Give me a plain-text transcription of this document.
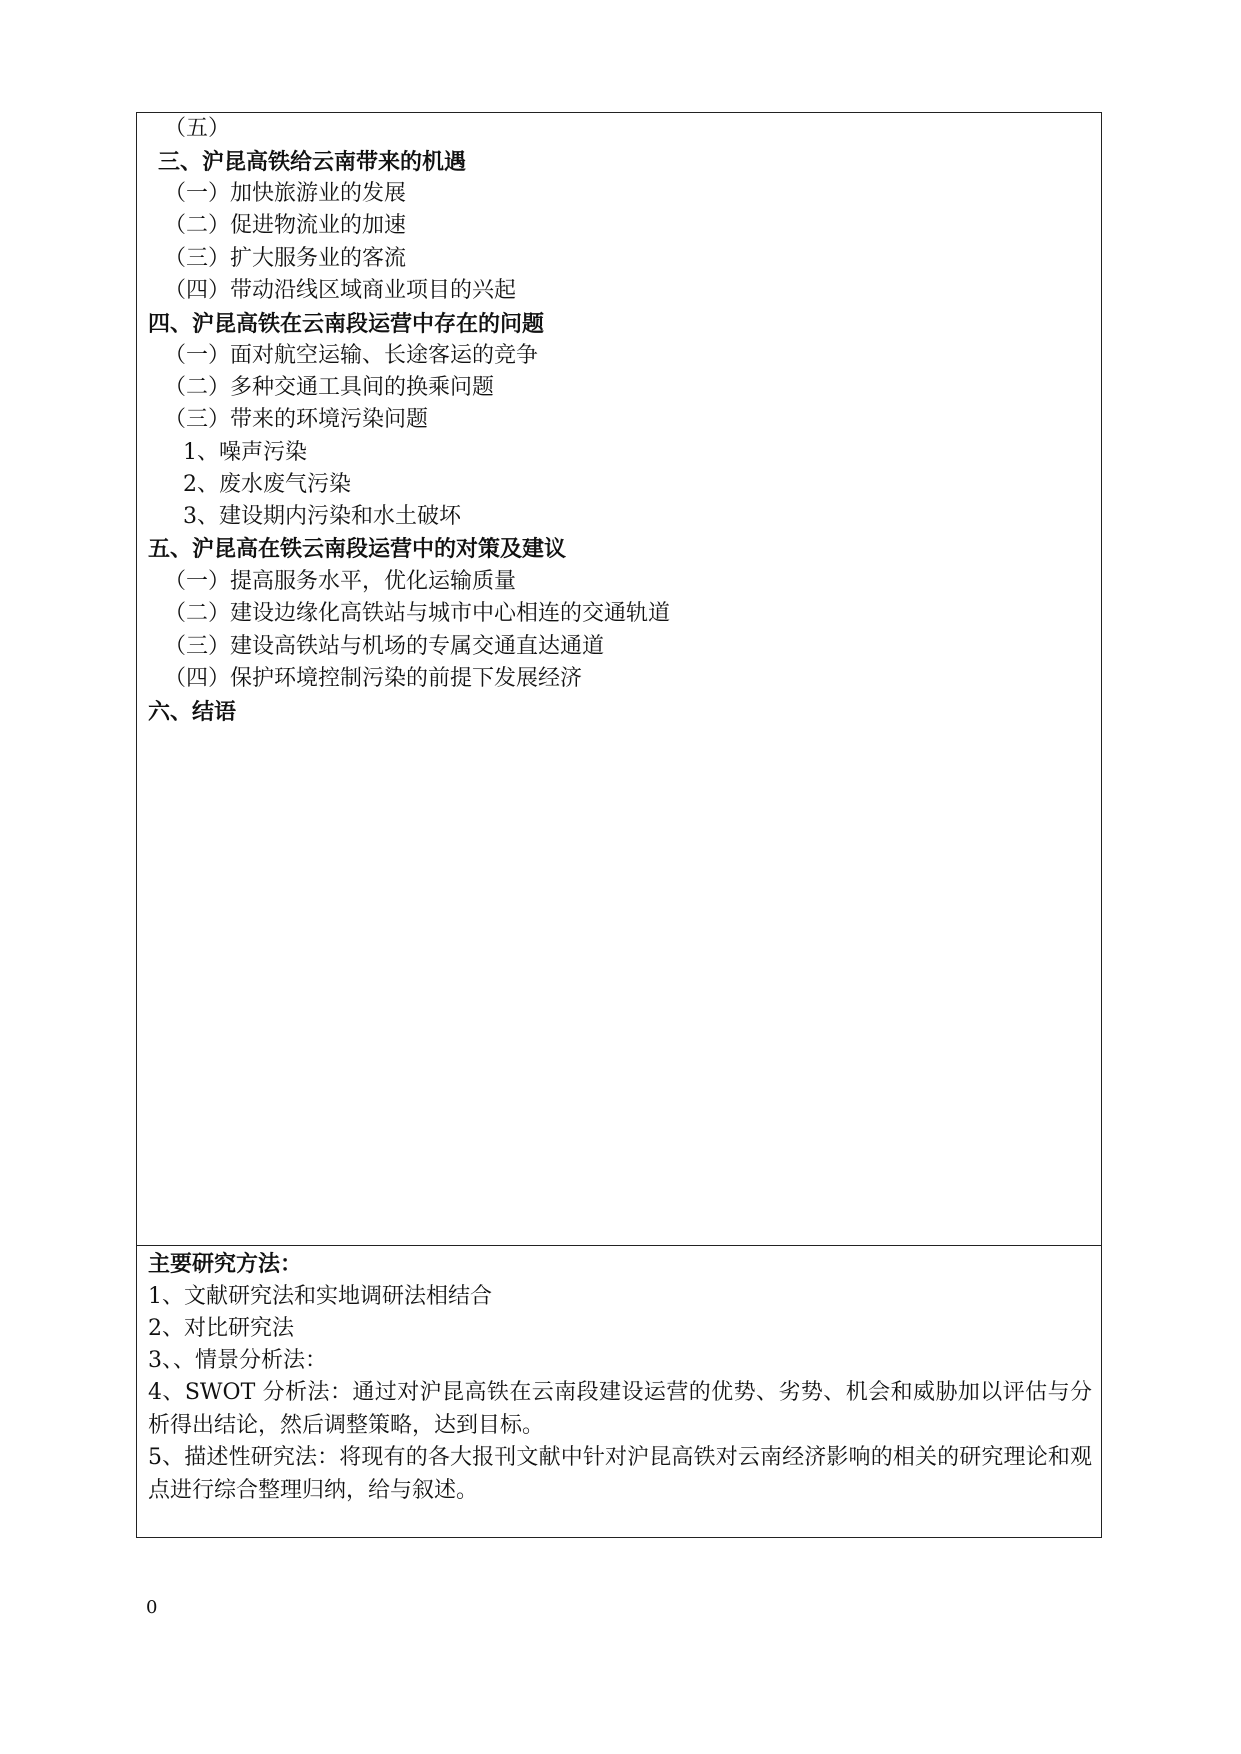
（五）
三、沪昆高铁给云南带来的机遇
（一）加快旅游业的发展
（二）促进物流业的加速
（三）扩大服务业的客流
（四）带动沿线区域商业项目的兴起
四、沪昆高铁在云南段运营中存在的问题
（一）面对航空运输、长途客运的竞争
（二）多种交通工具间的换乘问题
（三）带来的环境污染问题
1、噪声污染
2、废水废气污染
3、建设期内污染和水土破坏
五、沪昆高在铁云南段运营中的对策及建议
（一）提高服务水平，优化运输质量
（二）建设边缘化高铁站与城市中心相连的交通轨道
（三）建设高铁站与机场的专属交通直达通道
（四）保护环境控制污染的前提下发展经济
六、结语
主要研究方法：
1、文献研究法和实地调研法相结合
2、对比研究法
3、、情景分析法：
4、SWOT 分析法：通过对沪昆高铁在云南段建设运营的优势、劣势、机会和威胁加以评估与分析得出结论，然后调整策略，达到目标。
5、描述性研究法：将现有的各大报刊文献中针对沪昆高铁对云南经济影响的相关的研究理论和观点进行综合整理归纳，给与叙述。
0
